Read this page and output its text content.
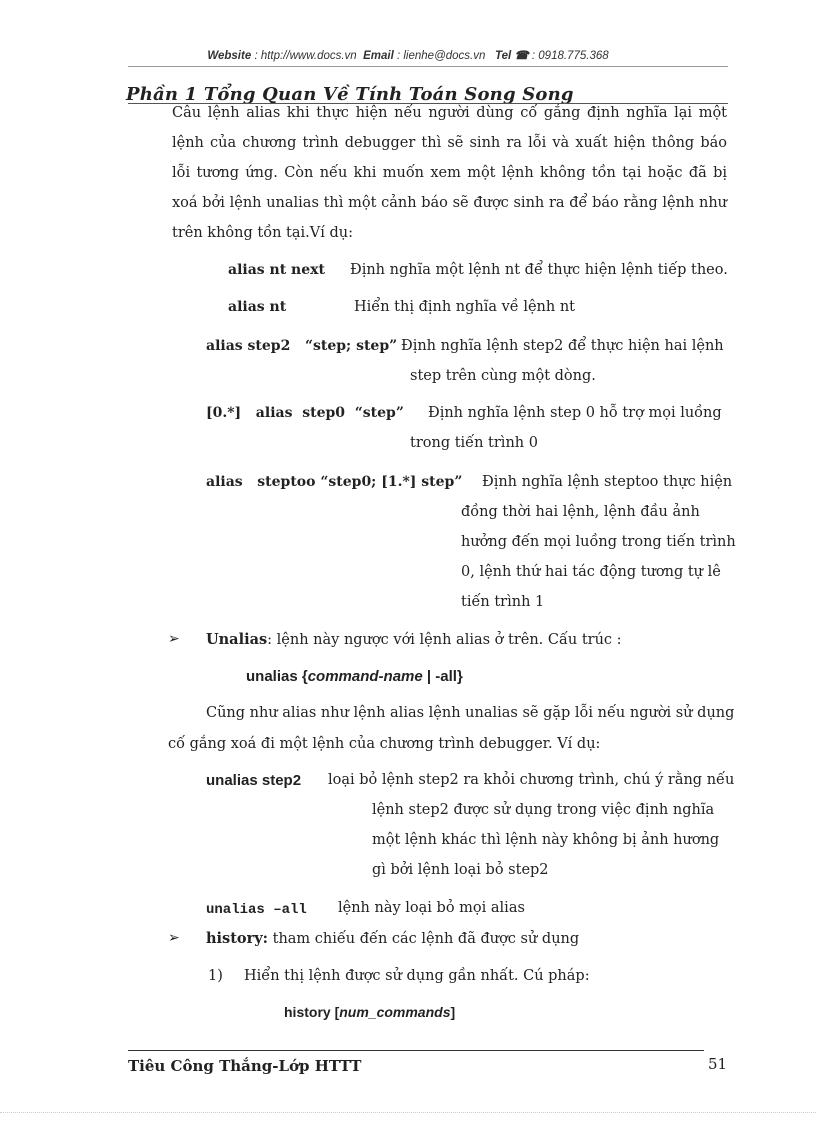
Website : http://www.docs.vn Email : lienhe@docs.vn Tel ☎ : 0918.775.368
Phần 1 Tổng Quan Về Tính Toán Song Song
Câu lệnh alias khi thực hiện nếu người dùng cố gắng định nghĩa lại một lệnh của chương trình debugger thì sẽ sinh ra lỗi và xuất hiện thông báo lỗi tương ứng. Còn nếu khi muốn xem một lệnh không tồn tại hoặc đã bị xoá bởi lệnh unalias thì một cảnh báo sẽ được sinh ra để báo rằng lệnh như trên không tồn tại.Ví dụ:
alias nt next Định nghĩa một lệnh nt để thực hiện lệnh tiếp theo.
alias nt	Hiển thị định nghĩa về lệnh nt
alias step2   “step; step” Định nghĩa lệnh step2 để thực hiện hai lệnh
step trên cùng một dòng.
[0.*]   alias  step0  “step” Định nghĩa lệnh step 0 hỗ trợ mọi luồng
trong tiến trình 0
alias   steptoo “step0; [1.*] step” Định nghĩa lệnh steptoo thực hiện
đồng thời hai lệnh, lệnh đầu ảnh
hưởng đến mọi luồng trong tiến trình
0, lệnh thứ hai tác động tương tự lê
tiến trình 1
➢ Unalias: lệnh này ngược với lệnh alias ở trên. Cấu trúc :
unalias {command-name | -all}
Cũng như alias như lệnh alias lệnh unalias sẽ gặp lỗi nếu người sử dụng
cố gắng xoá đi một lệnh của chương trình debugger. Ví dụ:
unalias step2 loại bỏ lệnh step2 ra khỏi chương trình, chú ý rằng nếu
lệnh step2 được sử dụng trong việc định nghĩa
một lệnh khác thì lệnh này không bị ảnh hương
gì bởi lệnh loại bỏ step2
unalias –all lệnh này loại bỏ mọi alias
➢ history: tham chiếu đến các lệnh đã được sử dụng
1) Hiển thị lệnh được sử dụng gần nhất. Cú pháp:
history [num_commands]
Tiêu Công Thắng-Lớp HTTT	51
